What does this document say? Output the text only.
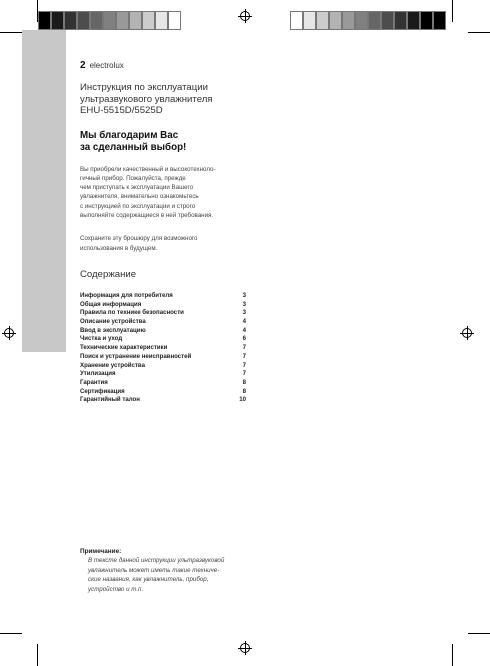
2 electrolux
Инструкция по эксплуатации
ультразвукового увлажнителя
EHU-5515D/5525D
Мы благодарим Вас
за сделанный выбор!
Вы приобрели качественный и высокотехноло-
гичный прибор. Пожалуйста, прежде
чем приступать к эксплуатации Вашего
увлажнителя, внимательно ознакомьтесь
с инструкцией по эксплуатации и строго
выполняйте содержащиеся в ней требования.
Сохраните эту брошюру для возможного
использования в будущем.
Содержание
Информация для потребителя	3
Общая информация	3
Правила по технике безопасности	3
Описание устройства	4
Ввод в эксплуатацию	4
Чистка и уход	6
Технические характеристики	7
Поиск и устранение неисправностей	7
Хранение устройства	7
Утилизация	7
Гарантия	8
Сертификация	8
Гарантийный талон	10
Примечание:
В тексте данной инструкции ультразвуковой
увлажнитель может иметь такие техниче-
ские названия, как увлажнитель, прибор,
устройство и т.п.
